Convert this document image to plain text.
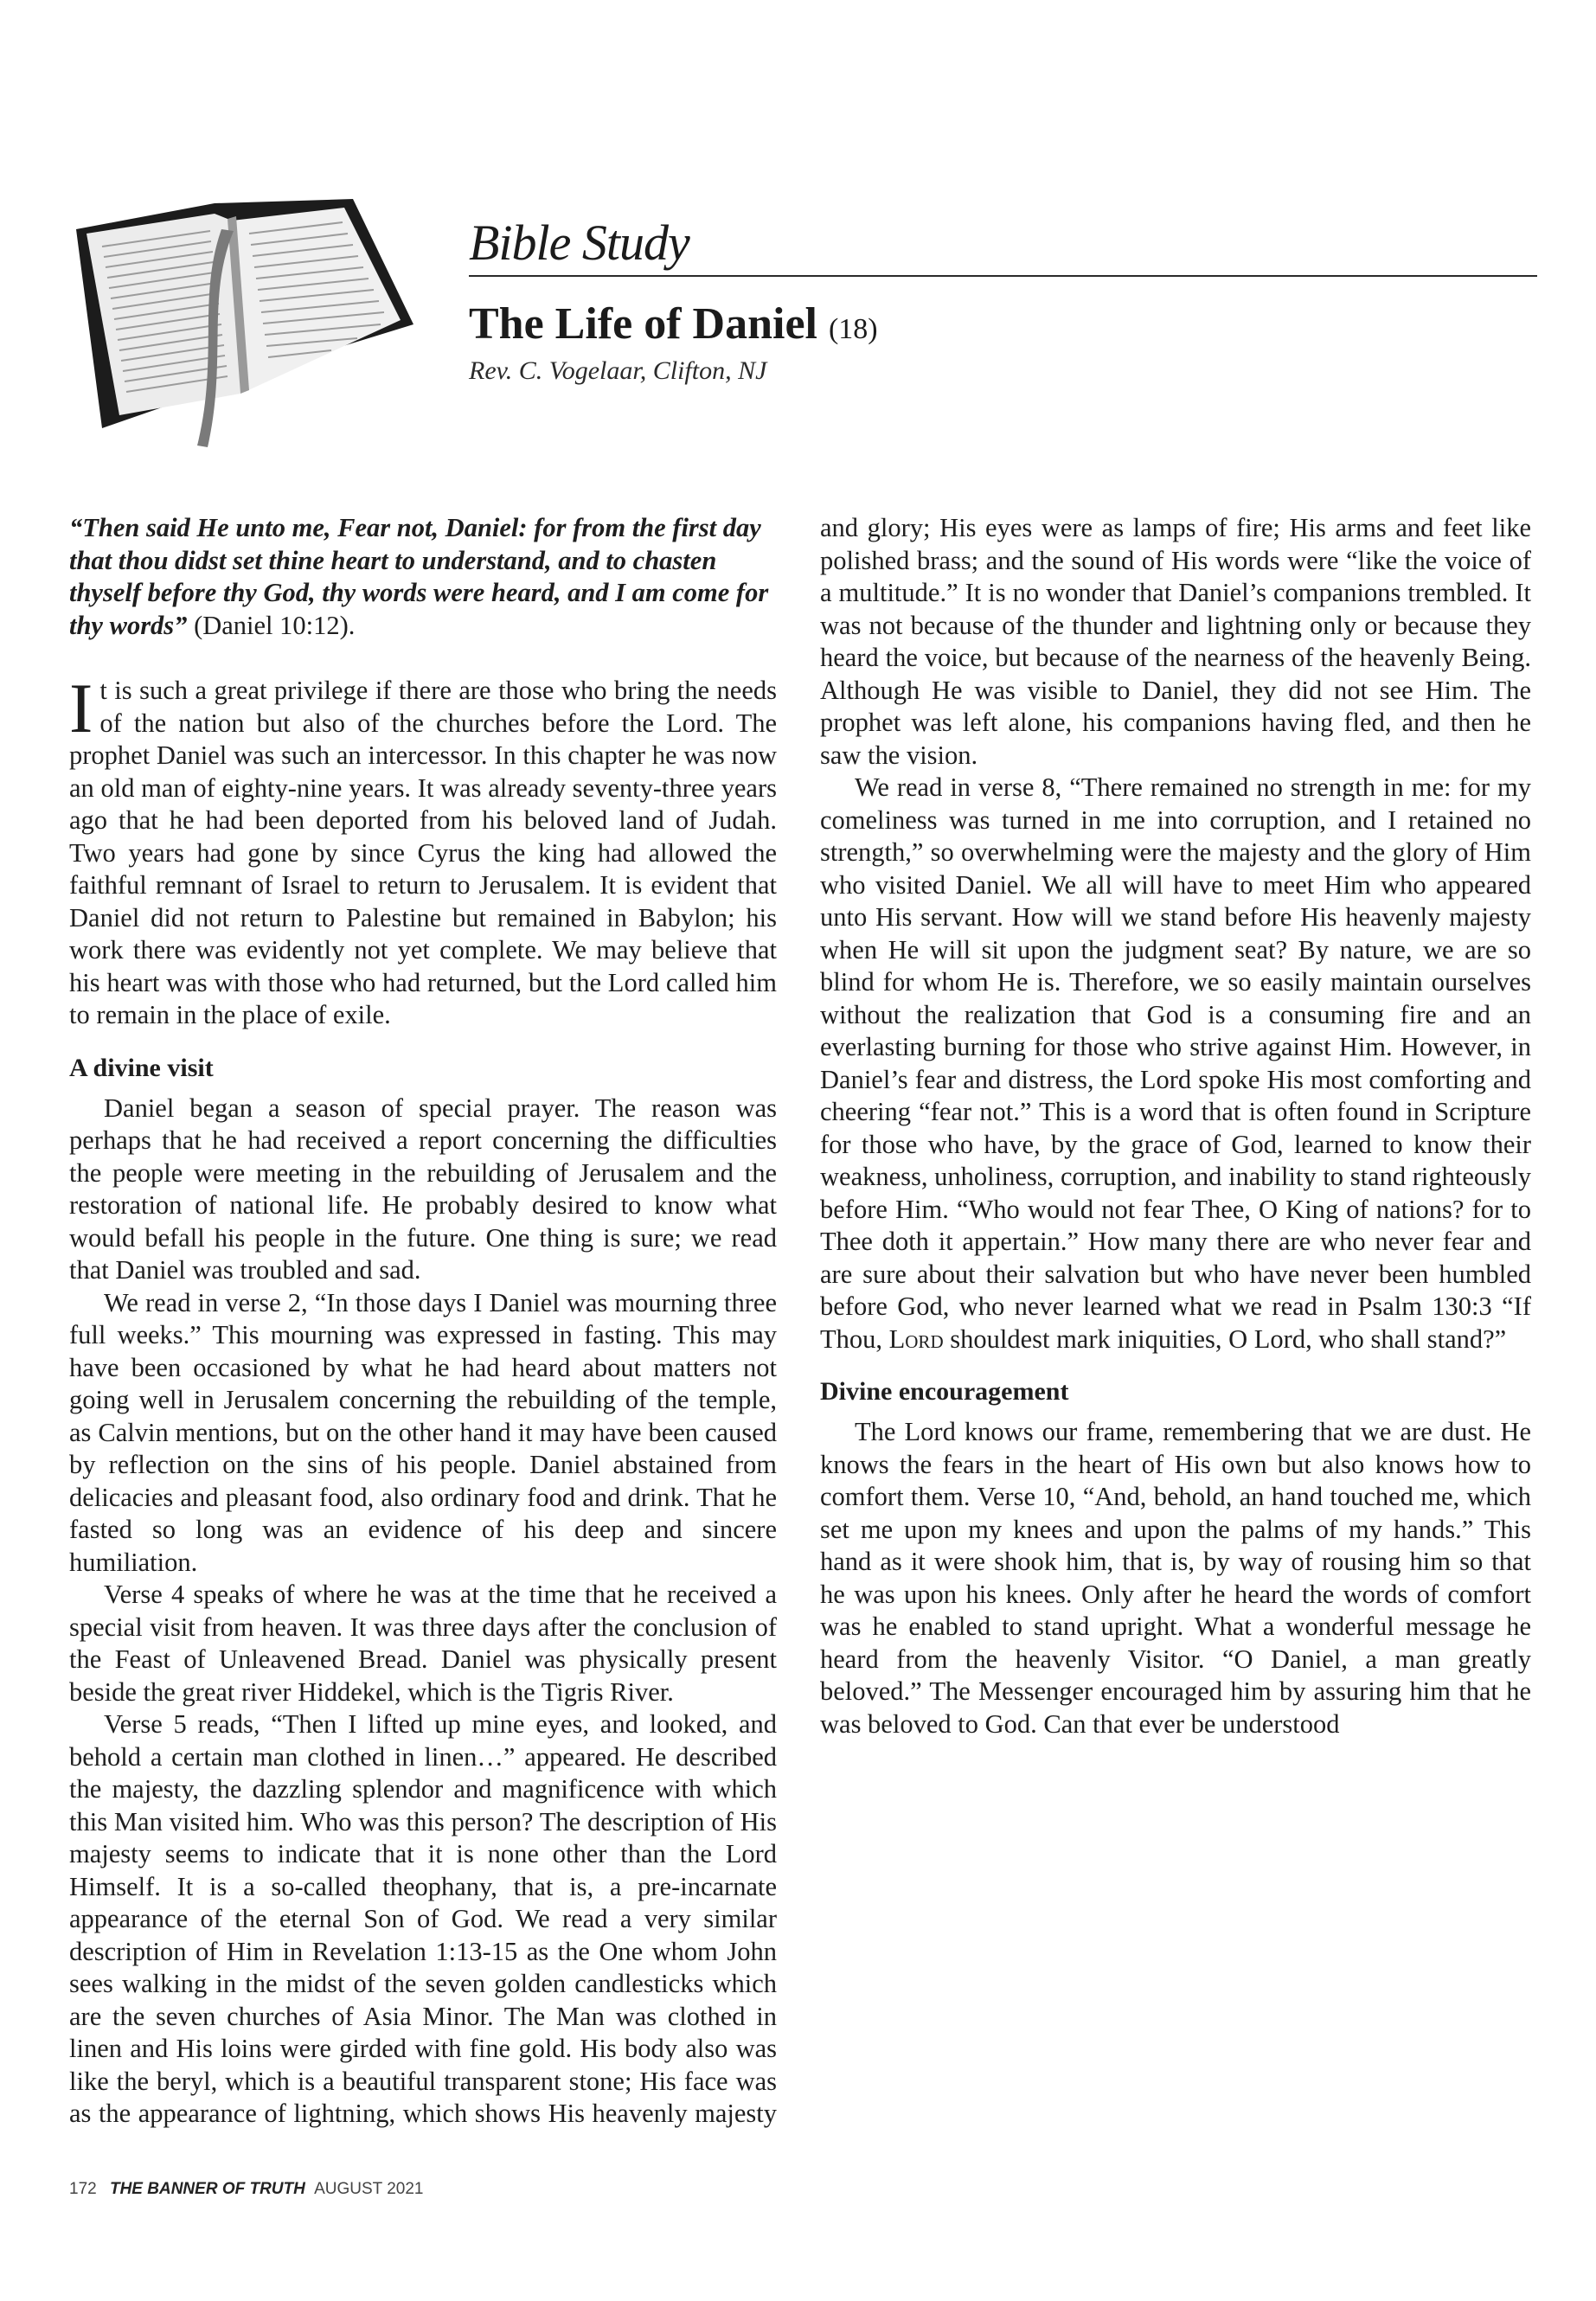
Bible Study
The Life of Daniel (18)
Rev. C. Vogelaar, Clifton, NJ

“Then said He unto me, Fear not, Daniel: for from the first day that thou didst set thine heart to understand, and to chasten thyself before thy God, thy words were heard, and I am come for thy words” (Daniel 10:12).

It is such a great privilege if there are those who bring the needs of the nation but also of the churches before the Lord. The prophet Daniel was such an intercessor. In this chapter he was now an old man of eighty-nine years. It was already seventy-three years ago that he had been deported from his beloved land of Judah. Two years had gone by since Cyrus the king had allowed the faithful remnant of Israel to return to Jerusalem. It is evident that Daniel did not return to Palestine but remained in Babylon; his work there was evidently not yet complete. We may believe that his heart was with those who had returned, but the Lord called him to remain in the place of exile.

A divine visit

Daniel began a season of special prayer. The reason was perhaps that he had received a report concerning the difficulties the people were meeting in the rebuilding of Jerusalem and the restoration of national life. He probably desired to know what would befall his people in the future. One thing is sure; we read that Daniel was troubled and sad.

We read in verse 2, “In those days I Daniel was mourning three full weeks.” This mourning was expressed in fasting. This may have been occasioned by what he had heard about matters not going well in Jerusalem concerning the rebuilding of the temple, as Calvin mentions, but on the other hand it may have been caused by reflection on the sins of his people. Daniel abstained from delicacies and pleasant food, also ordinary food and drink. That he fasted so long was an evidence of his deep and sincere humiliation.

Verse 4 speaks of where he was at the time that he received a special visit from heaven. It was three days after the conclusion of the Feast of Unleavened Bread. Daniel was physically present beside the great river Hiddekel, which is the Tigris River.

Verse 5 reads, “Then I lifted up mine eyes, and looked, and behold a certain man clothed in linen…” appeared. He described the majesty, the dazzling splendor and magnificence with which this Man visited him. Who was this person? The description of His majesty seems to indicate that it is none other than the Lord Himself. It is a so-called theophany, that is, a pre-incarnate appearance of the eternal Son of God. We read a very similar description of Him in Revelation 1:13-15 as the One whom John sees walking in the midst of the seven golden candlesticks which are the seven churches of Asia Minor. The Man was clothed in linen and His loins were girded with fine gold. His body also was like the beryl, which is a beautiful transparent stone; His face was as the appearance of lightning, which shows His heavenly majesty

and glory; His eyes were as lamps of fire; His arms and feet like polished brass; and the sound of His words were “like the voice of a multitude.” It is no wonder that Daniel’s companions trembled. It was not because of the thunder and lightning only or because they heard the voice, but because of the nearness of the heavenly Being. Although He was visible to Daniel, they did not see Him. The prophet was left alone, his companions having fled, and then he saw the vision.

We read in verse 8, “There remained no strength in me: for my comeliness was turned in me into corruption, and I retained no strength,” so overwhelming were the majesty and the glory of Him who visited Daniel. We all will have to meet Him who appeared unto His servant. How will we stand before His heavenly majesty when He will sit upon the judgment seat? By nature, we are so blind for whom He is. Therefore, we so easily maintain ourselves without the realization that God is a consuming fire and an everlasting burning for those who strive against Him. However, in Daniel’s fear and distress, the Lord spoke His most comforting and cheering “fear not.” This is a word that is often found in Scripture for those who have, by the grace of God, learned to know their weakness, unholiness, corruption, and inability to stand righteously before Him. “Who would not fear Thee, O King of nations? for to Thee doth it appertain.” How many there are who never fear and are sure about their salvation but who have never been humbled before God, who never learned what we read in Psalm 130:3 “If Thou, Lord shouldest mark iniquities, O Lord, who shall stand?”

Divine encouragement

The Lord knows our frame, remembering that we are dust. He knows the fears in the heart of His own but also knows how to comfort them. Verse 10, “And, behold, an hand touched me, which set me upon my knees and upon the palms of my hands.” This hand as it were shook him, that is, by way of rousing him so that he was upon his knees. Only after he heard the words of comfort was he enabled to stand upright. What a wonderful message he heard from the heavenly Visitor. “O Daniel, a man greatly beloved.” The Messenger encouraged him by assuring him that he was beloved to God. Can that ever be understood

172 THE BANNER OF TRUTH AUGUST 2021
